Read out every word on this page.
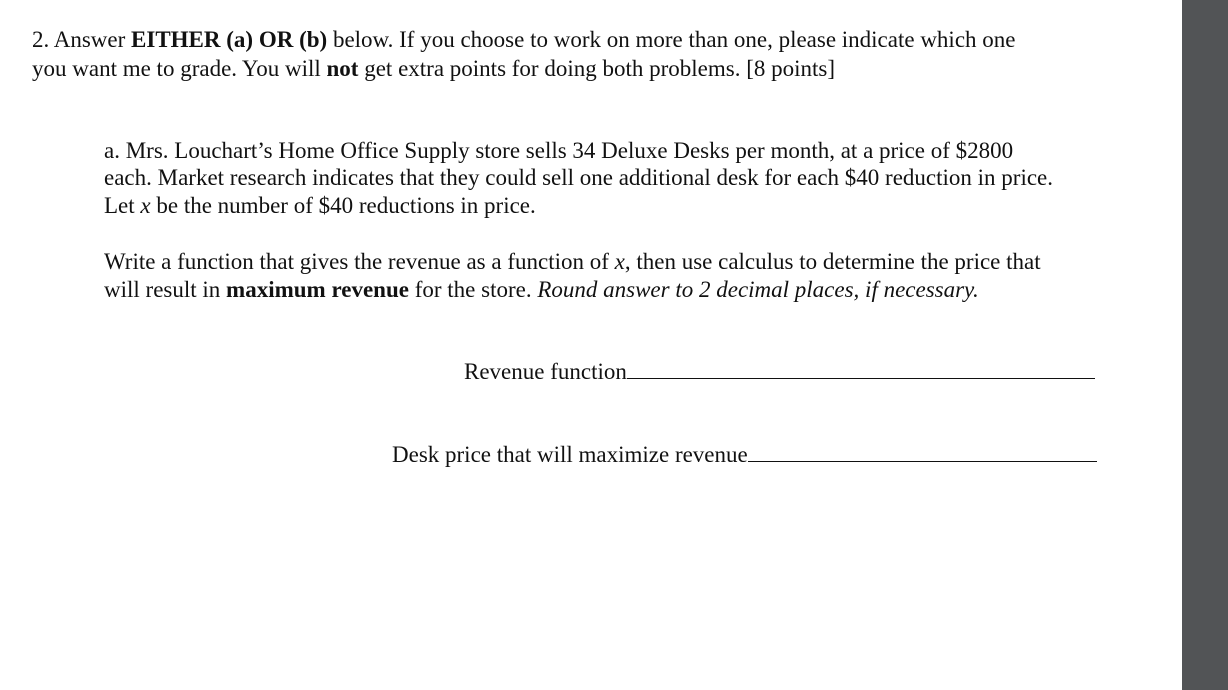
2. Answer EITHER (a) OR (b) below. If you choose to work on more than one, please indicate which one
you want me to grade. You will not get extra points for doing both problems. [8 points]
a. Mrs. Louchart’s Home Office Supply store sells 34 Deluxe Desks per month, at a price of $2800
each. Market research indicates that they could sell one additional desk for each $40 reduction in price.
Let x be the number of $40 reductions in price.
Write a function that gives the revenue as a function of x, then use calculus to determine the price that
will result in maximum revenue for the store. Round answer to 2 decimal places, if necessary.
Revenue function
Desk price that will maximize revenue
